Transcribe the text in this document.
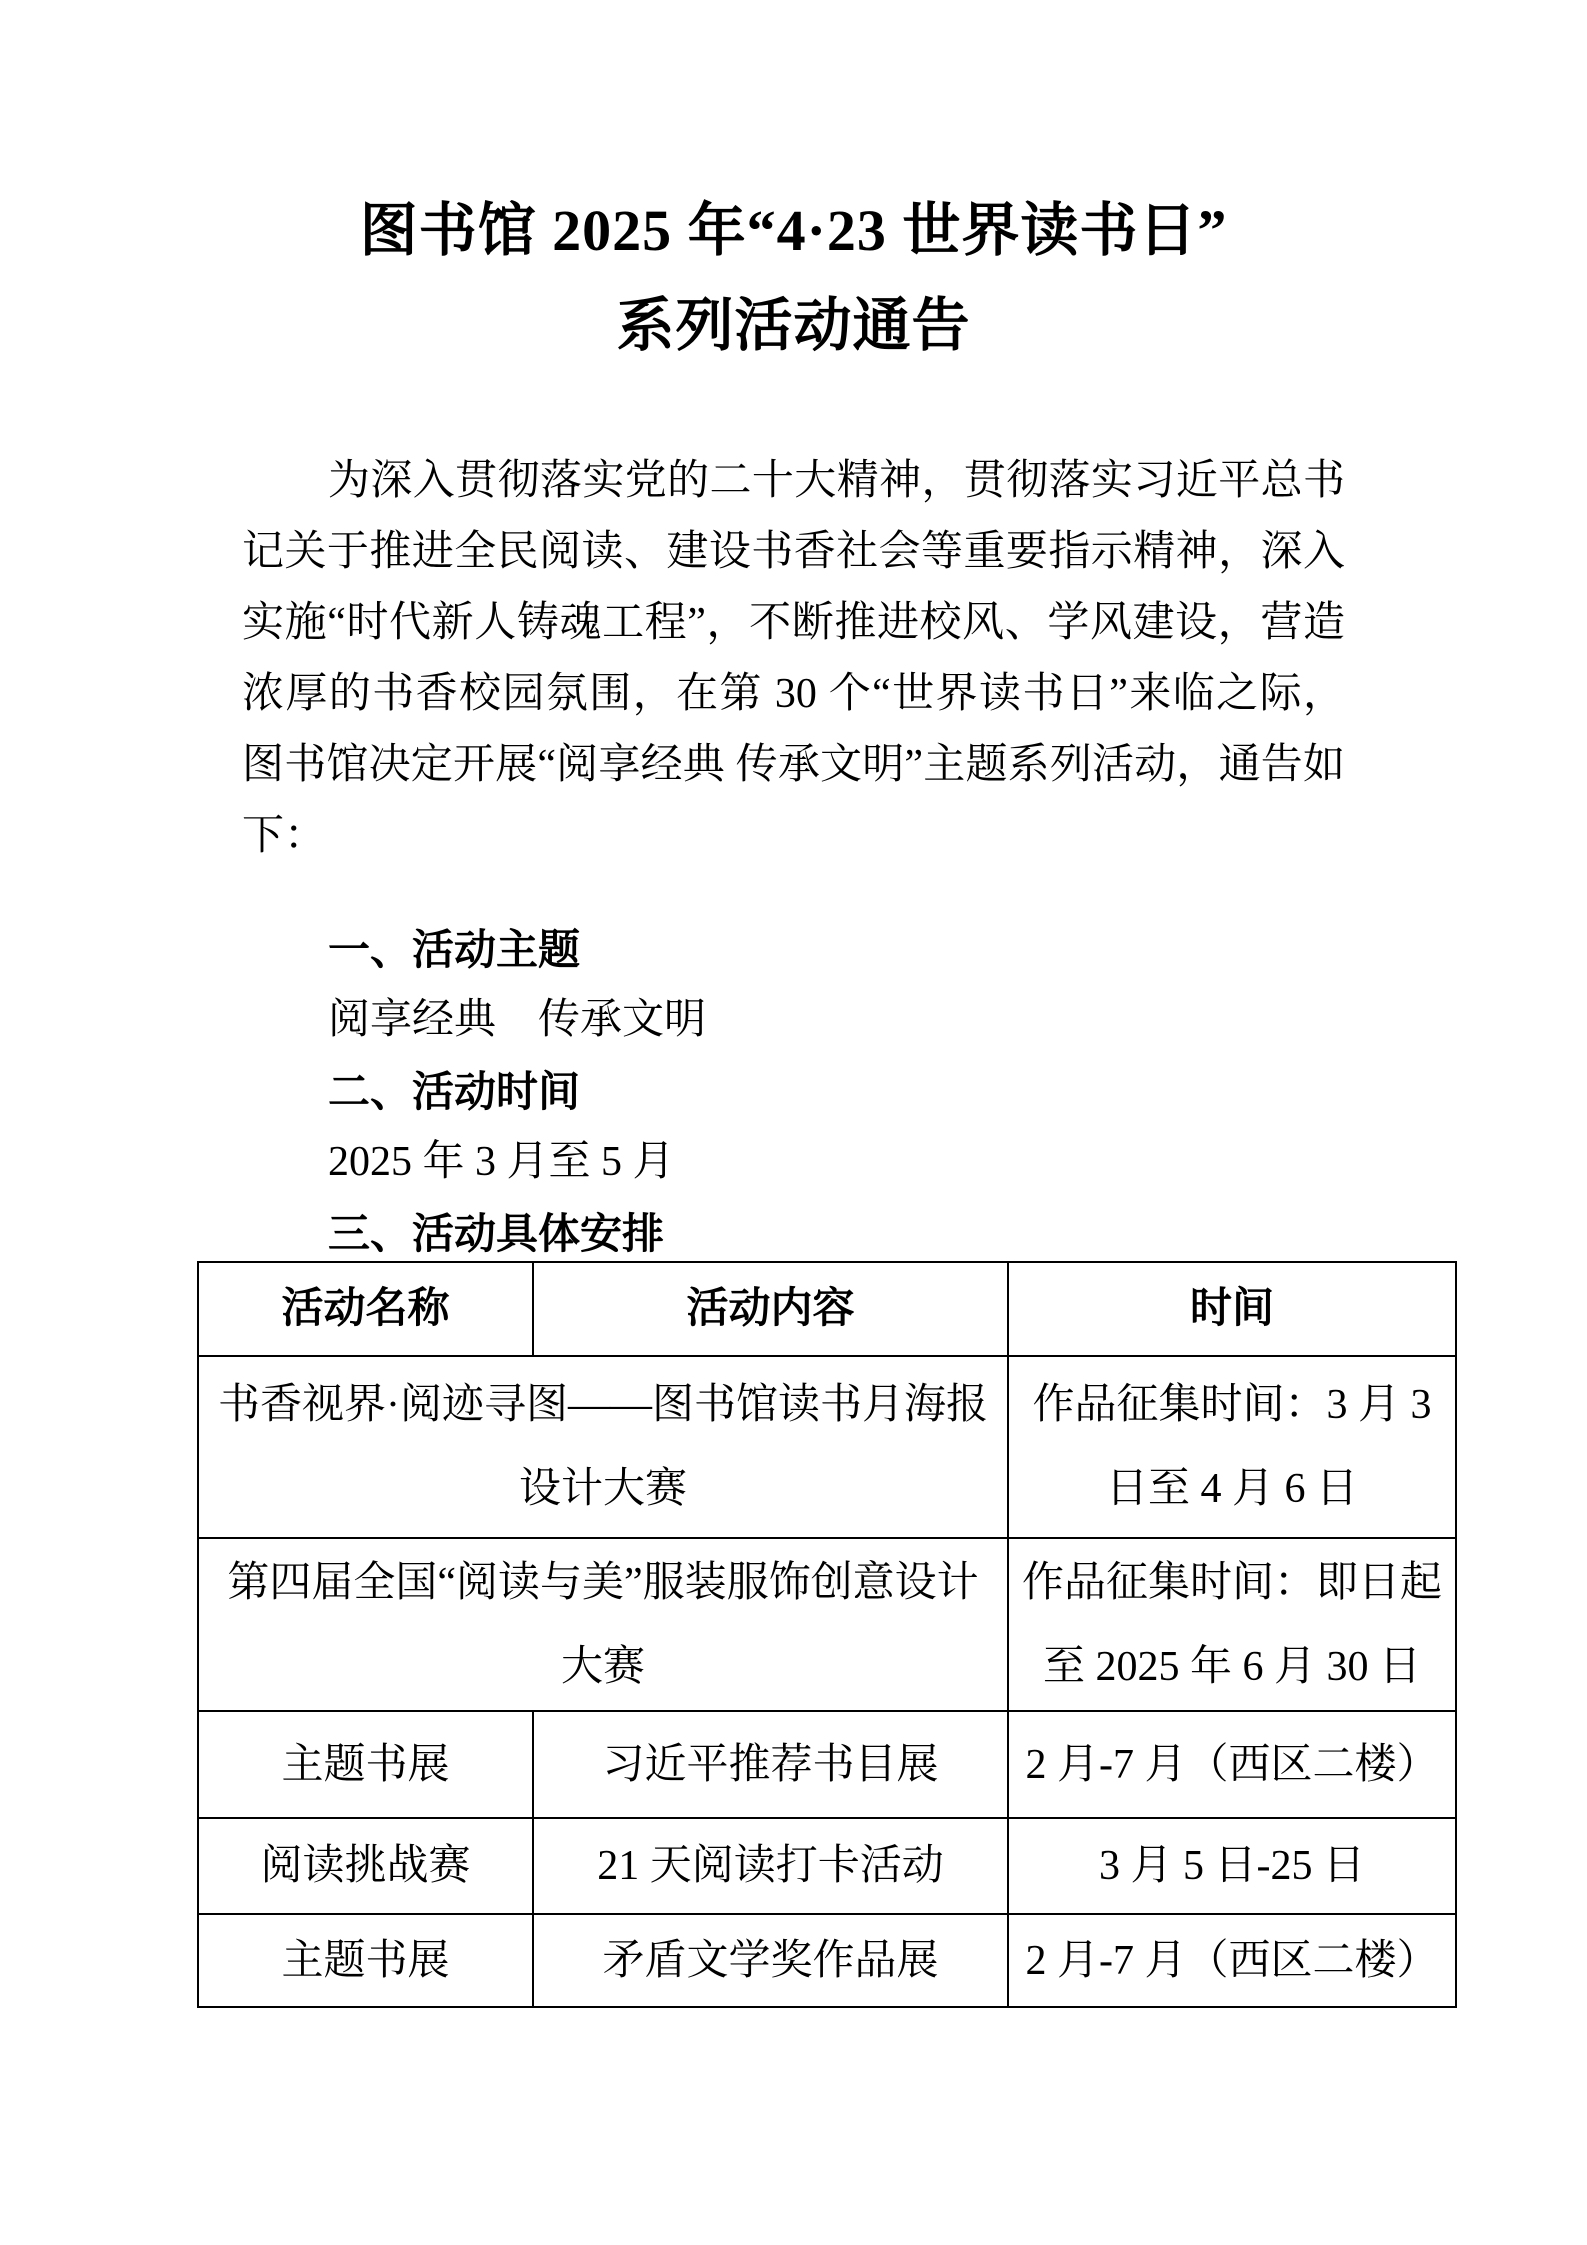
图书馆 2025 年“4·23 世界读书日”
系列活动通告

为深入贯彻落实党的二十大精神，贯彻落实习近平总书记关于推进全民阅读、建设书香社会等重要指示精神，深入实施“时代新人铸魂工程”，不断推进校风、学风建设，营造浓厚的书香校园氛围，在第 30 个“世界读书日”来临之际，图书馆决定开展“阅享经典 传承文明”主题系列活动，通告如下：

一、活动主题
阅享经典　传承文明
二、活动时间
2025 年 3 月至 5 月
三、活动具体安排
活动名称	活动内容	时间
书香视界·阅迹寻图——图书馆读书月海报设计大赛		作品征集时间：3 月 3 日至 4 月 6 日
第四届全国“阅读与美”服装服饰创意设计大赛		作品征集时间：即日起至 2025 年 6 月 30 日
主题书展	习近平推荐书目展	2 月-7 月（西区二楼）
阅读挑战赛	21 天阅读打卡活动	3 月 5 日-25 日
主题书展	矛盾文学奖作品展	2 月-7 月（西区二楼）
